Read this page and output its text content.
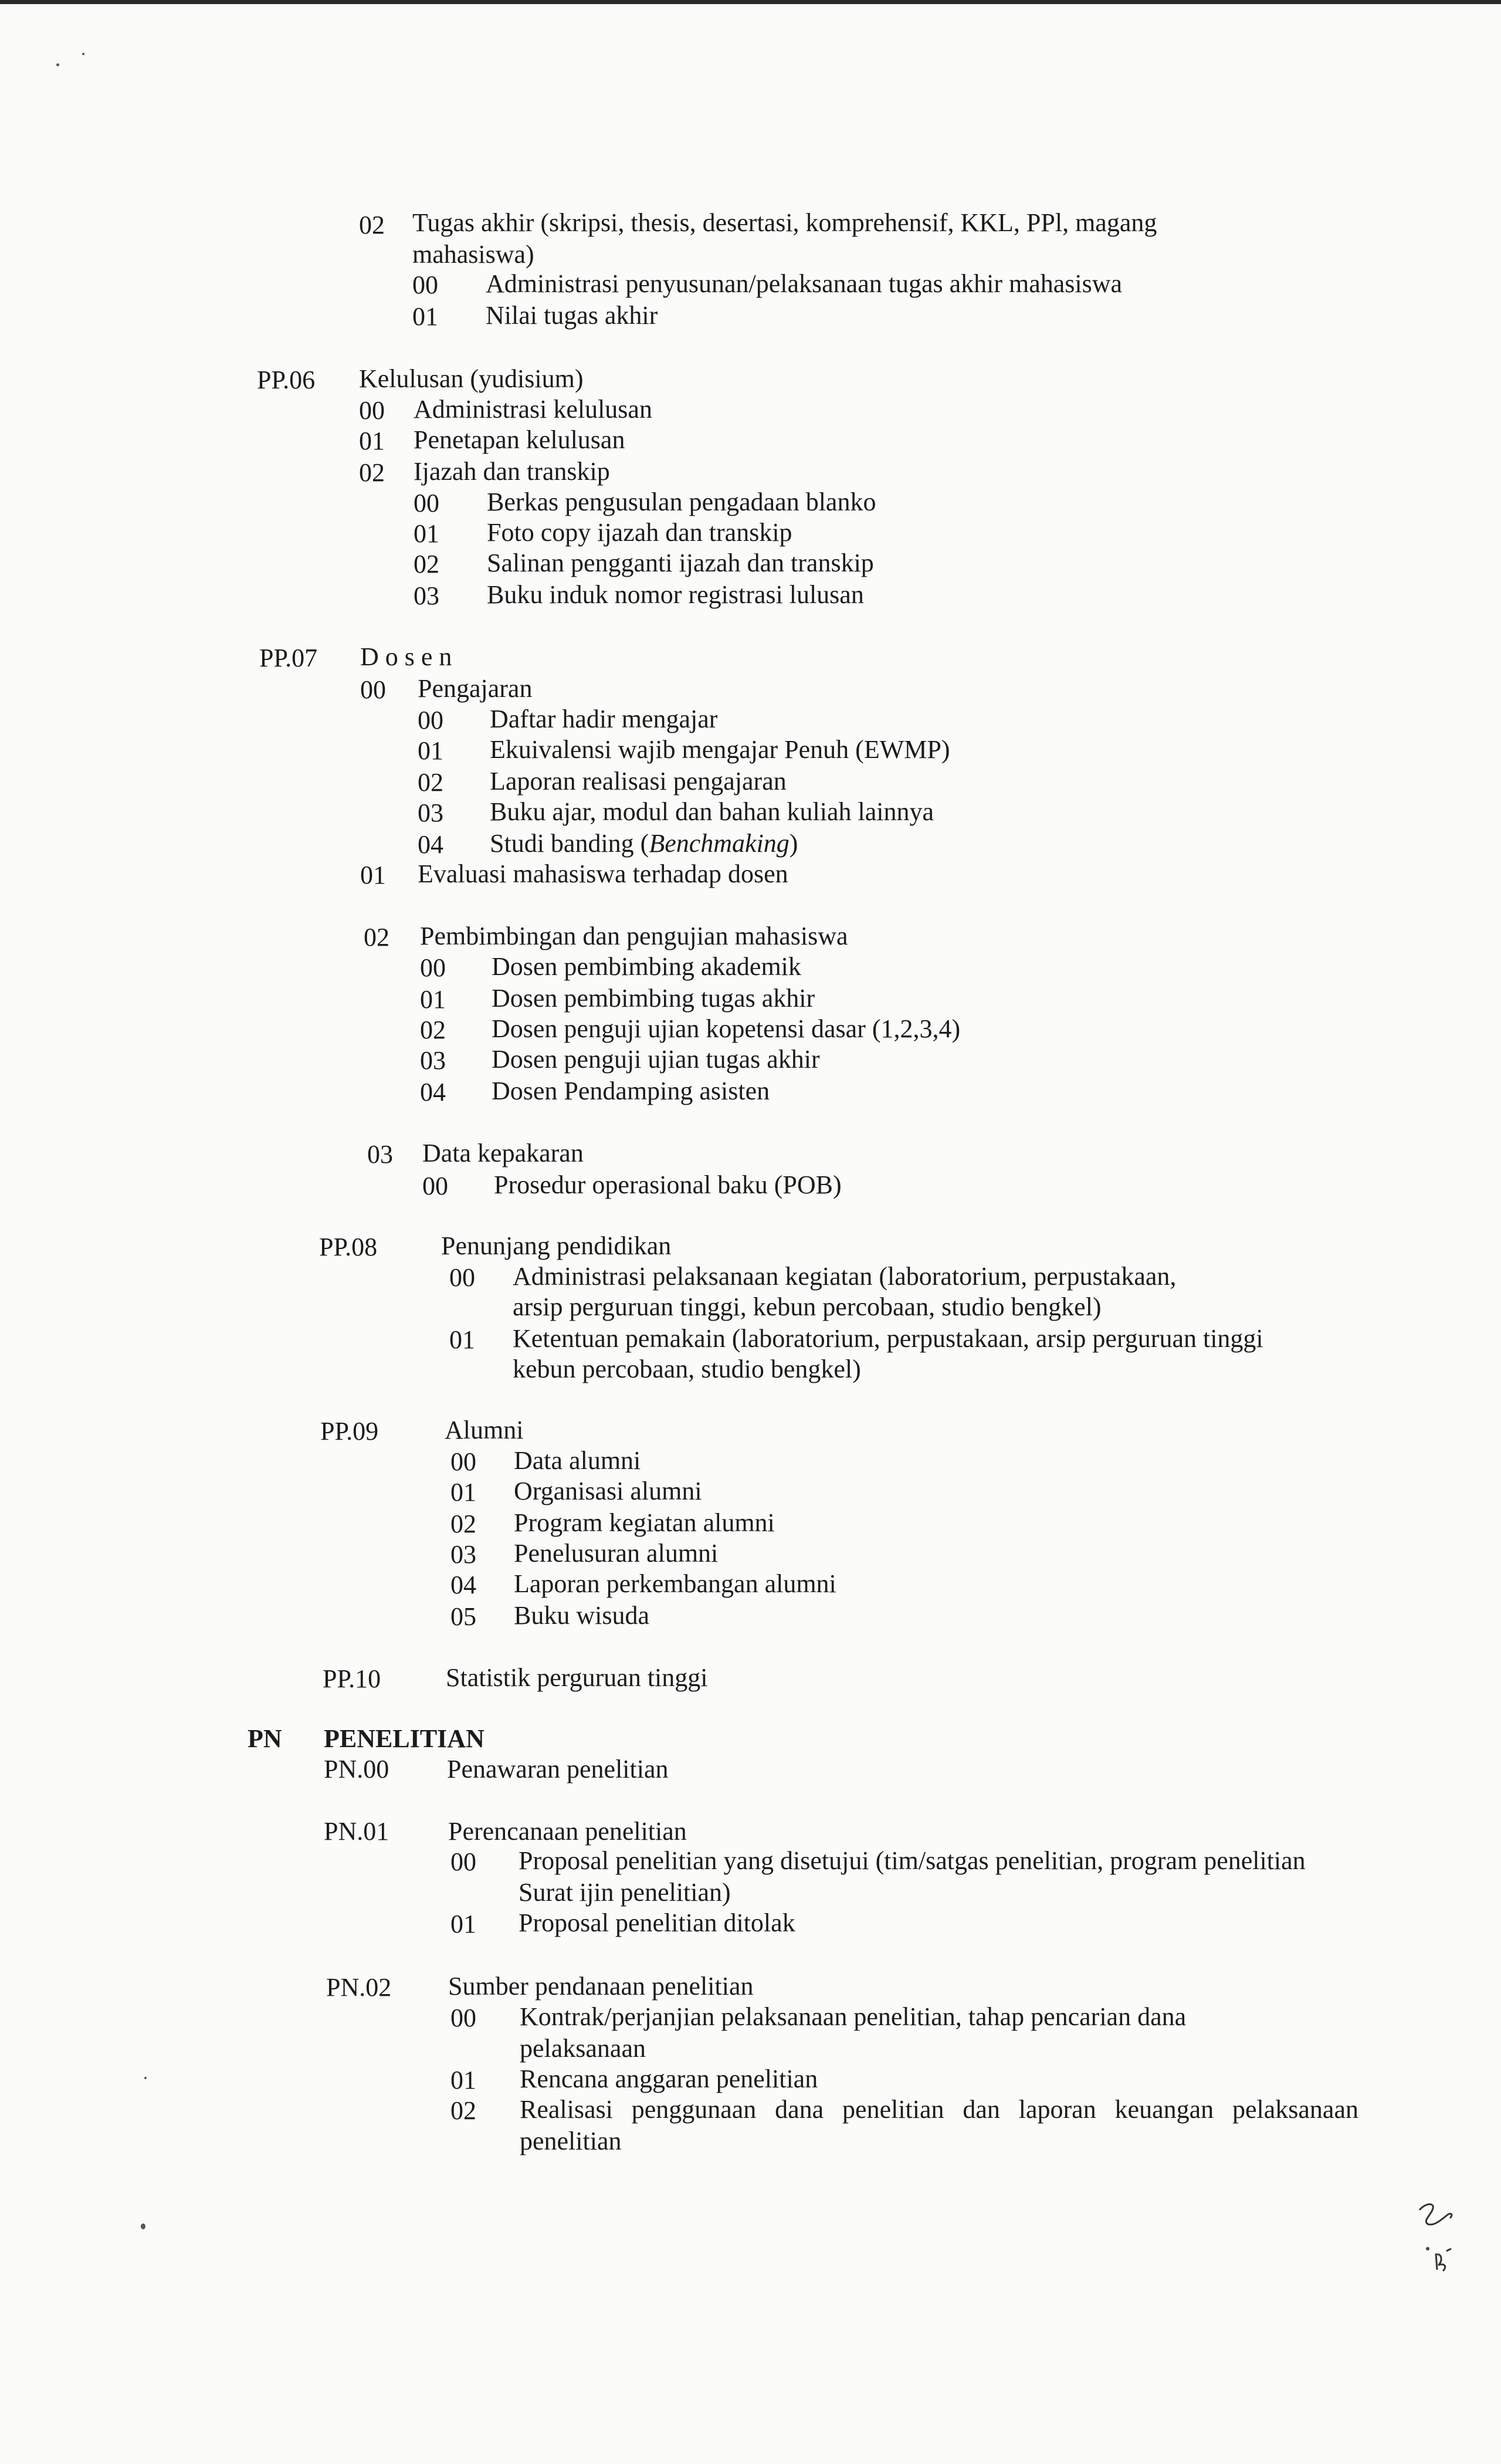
02 Tugas akhir (skripsi, thesis, desertasi, komprehensif, KKL, PPl, magang
mahasiswa)
00 Administrasi penyusunan/pelaksanaan tugas akhir mahasiswa
01 Nilai tugas akhir
PP.06 Kelulusan (yudisium)
00 Administrasi kelulusan
01 Penetapan kelulusan
02 Ijazah dan transkip
00 Berkas pengusulan pengadaan blanko
01 Foto copy ijazah dan transkip
02 Salinan pengganti ijazah dan transkip
03 Buku induk nomor registrasi lulusan
PP.07 D o s e n
00 Pengajaran
00 Daftar hadir mengajar
01 Ekuivalensi wajib mengajar Penuh (EWMP)
02 Laporan realisasi pengajaran
03 Buku ajar, modul dan bahan kuliah lainnya
04 Studi banding (Benchmaking)
01 Evaluasi mahasiswa terhadap dosen
02 Pembimbingan dan pengujian mahasiswa
00 Dosen pembimbing akademik
01 Dosen pembimbing tugas akhir
02 Dosen penguji ujian kopetensi dasar (1,2,3,4)
03 Dosen penguji ujian tugas akhir
04 Dosen Pendamping asisten
03 Data kepakaran
00 Prosedur operasional baku (POB)
PP.08 Penunjang pendidikan
00 Administrasi pelaksanaan kegiatan (laboratorium, perpustakaan,
arsip perguruan tinggi, kebun percobaan, studio bengkel)
01 Ketentuan pemakain (laboratorium, perpustakaan, arsip perguruan tinggi
kebun percobaan, studio bengkel)
PP.09	Alumni
00 Data alumni
01 Organisasi alumni
02 Program kegiatan alumni
03 Penelusuran alumni
04 Laporan perkembangan alumni
05 Buku wisuda
PP.10	Statistik perguruan tinggi
PN PENELITIAN
PN.00 Penawaran penelitian
PN.01 Perencanaan penelitian
00 Proposal penelitian yang disetujui (tim/satgas penelitian, program penelitian
Surat ijin penelitian)
01 Proposal penelitian ditolak
PN.02 Sumber pendanaan penelitian
00 Kontrak/perjanjian pelaksanaan penelitian, tahap pencarian dana
pelaksanaan
01 Rencana anggaran penelitian
02 Realisasi penggunaan dana penelitian dan laporan keuangan pelaksanaan
penelitian
